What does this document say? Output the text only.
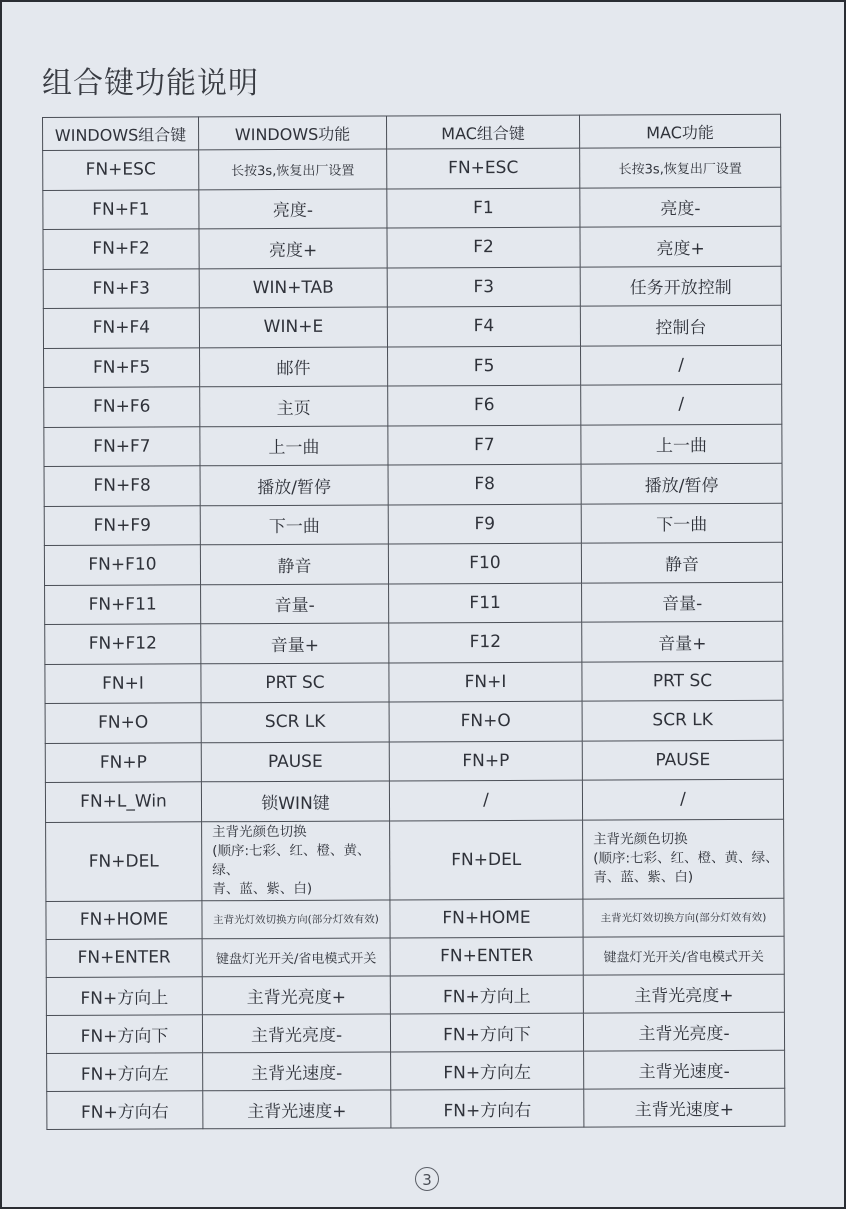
组合键功能说明
WINDOWS组合键	WINDOWS功能	MAC组合键	MAC功能
FN+ESC	长按3s,恢复出厂设置	FN+ESC	长按3s,恢复出厂设置
FN+F1	亮度-	F1	亮度-
FN+F2	亮度+	F2	亮度+
FN+F3	WIN+TAB	F3	任务开放控制
FN+F4	WIN+E	F4	控制台
FN+F5	邮件	F5	/
FN+F6	主页	F6	/
FN+F7	上一曲	F7	上一曲
FN+F8	播放/暂停	F8	播放/暂停
FN+F9	下一曲	F9	下一曲
FN+F10	静音	F10	静音
FN+F11	音量-	F11	音量-
FN+F12	音量+	F12	音量+
FN+I	PRT SC	FN+I	PRT SC
FN+O	SCR LK	FN+O	SCR LK
FN+P	PAUSE	FN+P	PAUSE
FN+L_Win	锁WIN键	/	/
FN+DEL	主背光颜色切换
(顺序:七彩、红、橙、黄、绿、
青、蓝、紫、白)	FN+DEL	主背光颜色切换
(顺序:七彩、红、橙、黄、绿、
青、蓝、紫、白)
FN+HOME	主背光灯效切换方向(部分灯效有效)	FN+HOME	主背光灯效切换方向(部分灯效有效)
FN+ENTER	键盘灯光开关/省电模式开关	FN+ENTER	键盘灯光开关/省电模式开关
FN+方向上	主背光亮度+	FN+方向上	主背光亮度+
FN+方向下	主背光亮度-	FN+方向下	主背光亮度-
FN+方向左	主背光速度-	FN+方向左	主背光速度-
FN+方向右	主背光速度+	FN+方向右	主背光速度+
3
